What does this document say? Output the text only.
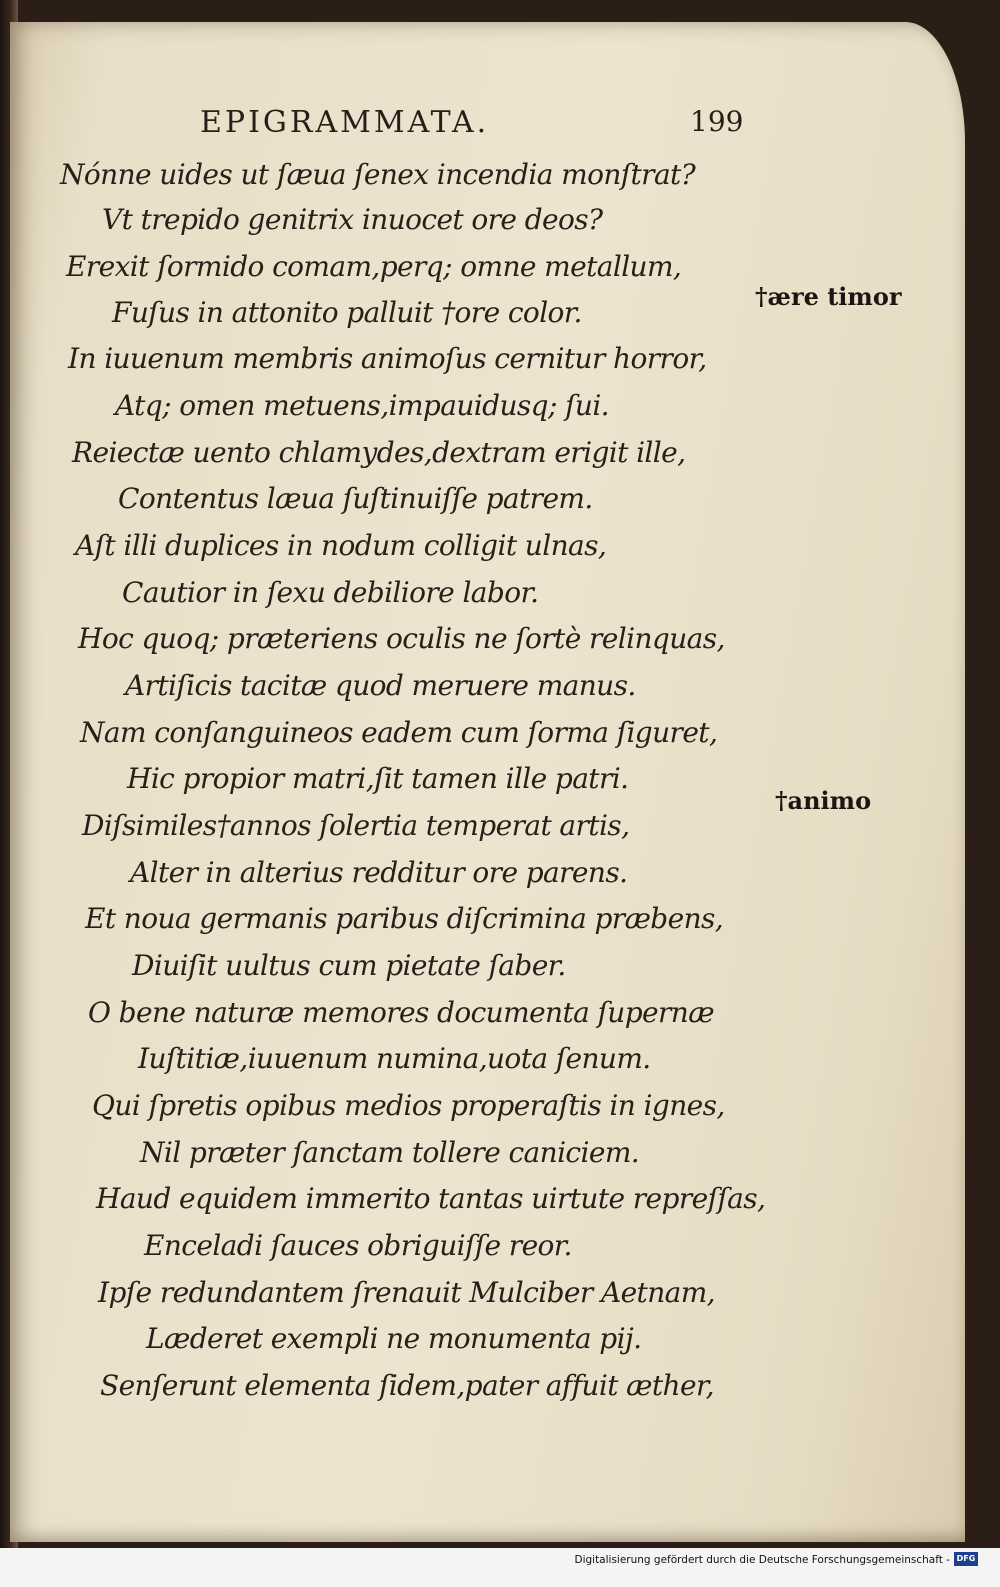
EPIGRAMMATA.	199
Nónne uides ut ſæua ſenex incendia monſtrat?
Vt trepido genitrix inuocet ore deos?
Erexit ſormido comam,perq; omne metallum,
Fuſus in attonito palluit †ore color.
In iuuenum membris animoſus cernitur horror,
Atq; omen metuens,impauidusq; ſui.
Reiectæ uento chlamydes,dextram erigit ille,
Contentus læua ſuſtinuiſſe patrem.
Aſt illi duplices in nodum colligit ulnas,
Cautior in ſexu debiliore labor.
Hoc quoq; præteriens oculis ne ſortè relinquas,
Artiſicis tacitæ quod meruere manus.
Nam conſanguineos eadem cum ſorma ſiguret,
Hic propior matri,ſit tamen ille patri.
Diſsimiles†annos ſolertia temperat artis,
Alter in alterius redditur ore parens.
Et noua germanis paribus diſcrimina præbens,
Diuiſit uultus cum pietate ſaber.
O bene naturæ memores documenta ſupernæ
Iuſtitiæ,iuuenum numina,uota ſenum.
Qui ſpretis opibus medios properaſtis in ignes,
Nil præter ſanctam tollere caniciem.
Haud equidem immerito tantas uirtute repreſſas,
Enceladi ſauces obriguiſſe reor.
Ipſe redundantem ſrenauit Mulciber Aetnam,
Læderet exempli ne monumenta pij.
Senſerunt elementa ſidem,pater affuit æther,
†ære timor
†animo
Digitalisierung gefördert durch die Deutsche Forschungsgemeinschaft - DFG
